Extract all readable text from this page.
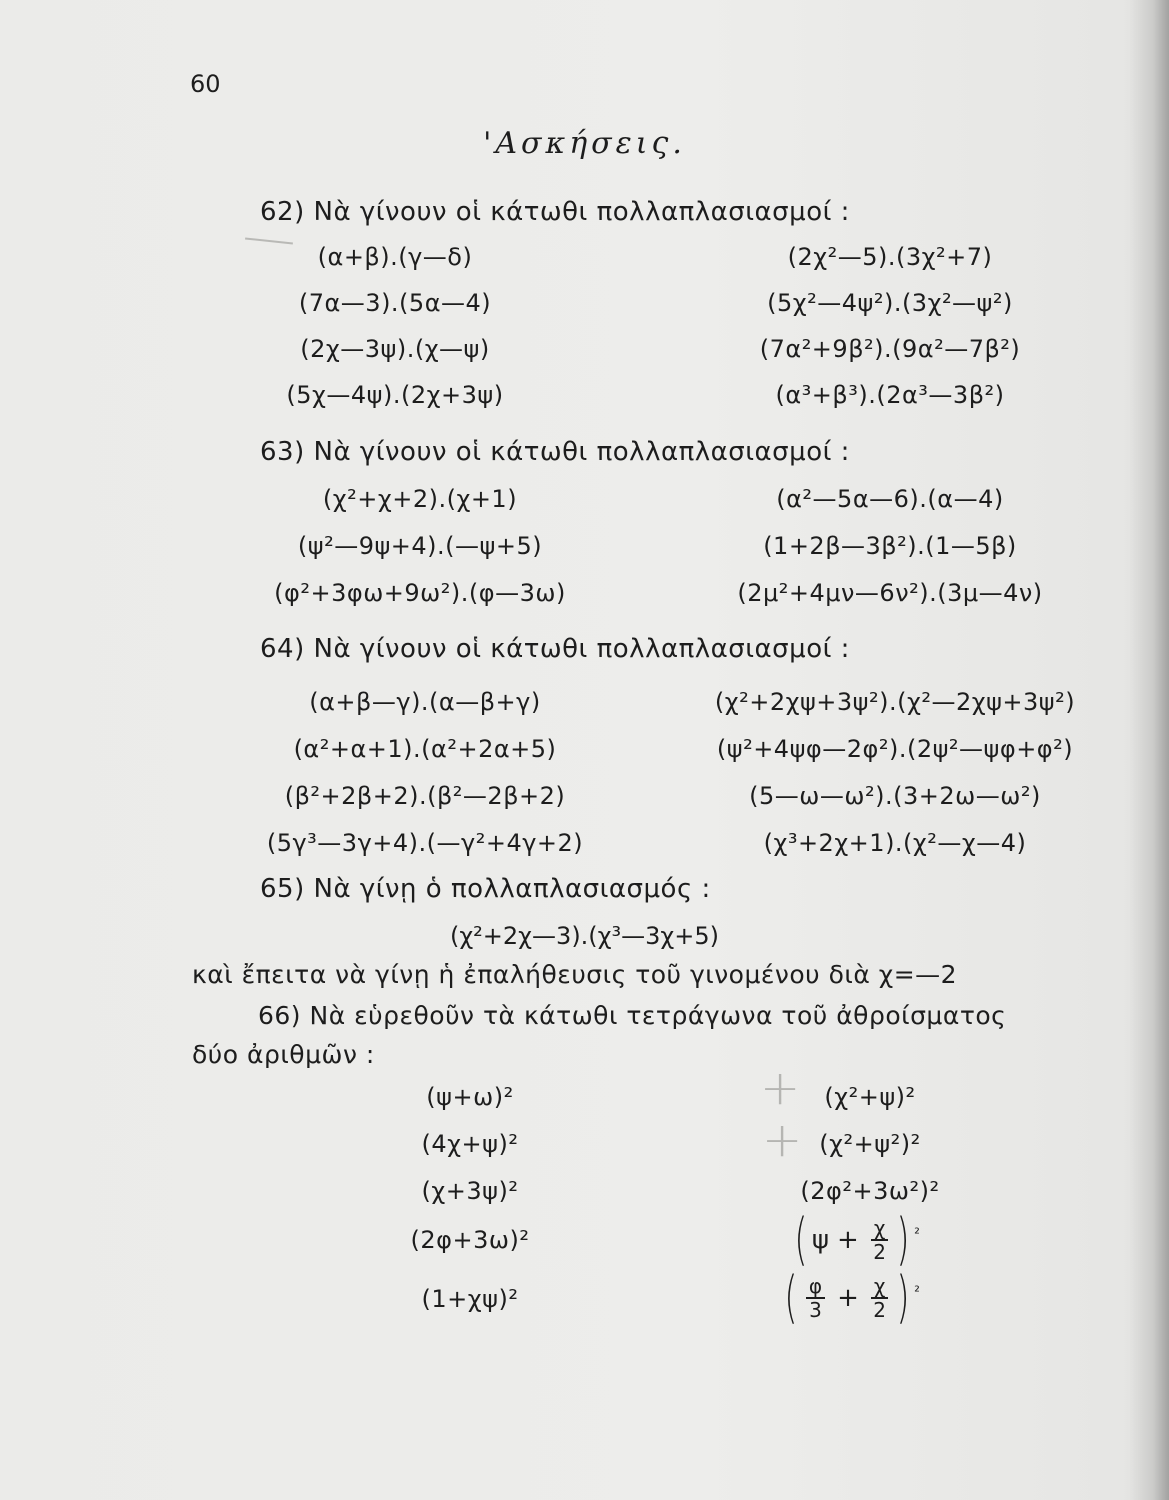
+
+
60
'Ασκήσεις.
62) Νὰ γίνουν οἱ κάτωθι πολλαπλασιασμοί :
(α+β).(γ—δ)
(7α—3).(5α—4)
(2χ—3ψ).(χ—ψ)
(5χ—4ψ).(2χ+3ψ)
(2χ²—5).(3χ²+7)
(5χ²—4ψ²).(3χ²—ψ²)
(7α²+9β²).(9α²—7β²)
(α³+β³).(2α³—3β²)
63) Νὰ γίνουν οἱ κάτωθι πολλαπλασιασμοί :
(χ²+χ+2).(χ+1)
(ψ²—9ψ+4).(—ψ+5)
(φ²+3φω+9ω²).(φ—3ω)
(α²—5α—6).(α—4)
(1+2β—3β²).(1—5β)
(2μ²+4μν—6ν²).(3μ—4ν)
64) Νὰ γίνουν οἱ κάτωθι πολλαπλασιασμοί :
(α+β—γ).(α—β+γ)
(α²+α+1).(α²+2α+5)
(β²+2β+2).(β²—2β+2)
(5γ³—3γ+4).(—γ²+4γ+2)
(χ²+2χψ+3ψ²).(χ²—2χψ+3ψ²)
(ψ²+4ψφ—2φ²).(2ψ²—ψφ+φ²)
(5—ω—ω²).(3+2ω—ω²)
(χ³+2χ+1).(χ²—χ—4)
65) Νὰ γίνῃ ὁ πολλαπλασιασμός :
(χ²+2χ—3).(χ³—3χ+5)
καὶ ἔπειτα νὰ γίνῃ ἡ ἐπαλήθευσις τοῦ γινομένου διὰ χ=—2
66) Νὰ εὑρεθοῦν τὰ κάτωθι τετράγωνα τοῦ ἀθροίσματος
δύο ἀριθμῶν :
(ψ+ω)²
(4χ+ψ)²
(χ+3ψ)²
(2φ+3ω)²
(1+χψ)²
(χ²+ψ)²
(χ²+ψ²)²
(2φ²+3ω²)²
( $\psi + \frac{\chi}{2}$ ) ²
( $\frac{\varphi}{3} + \frac{\chi}{2}$ ) ²
